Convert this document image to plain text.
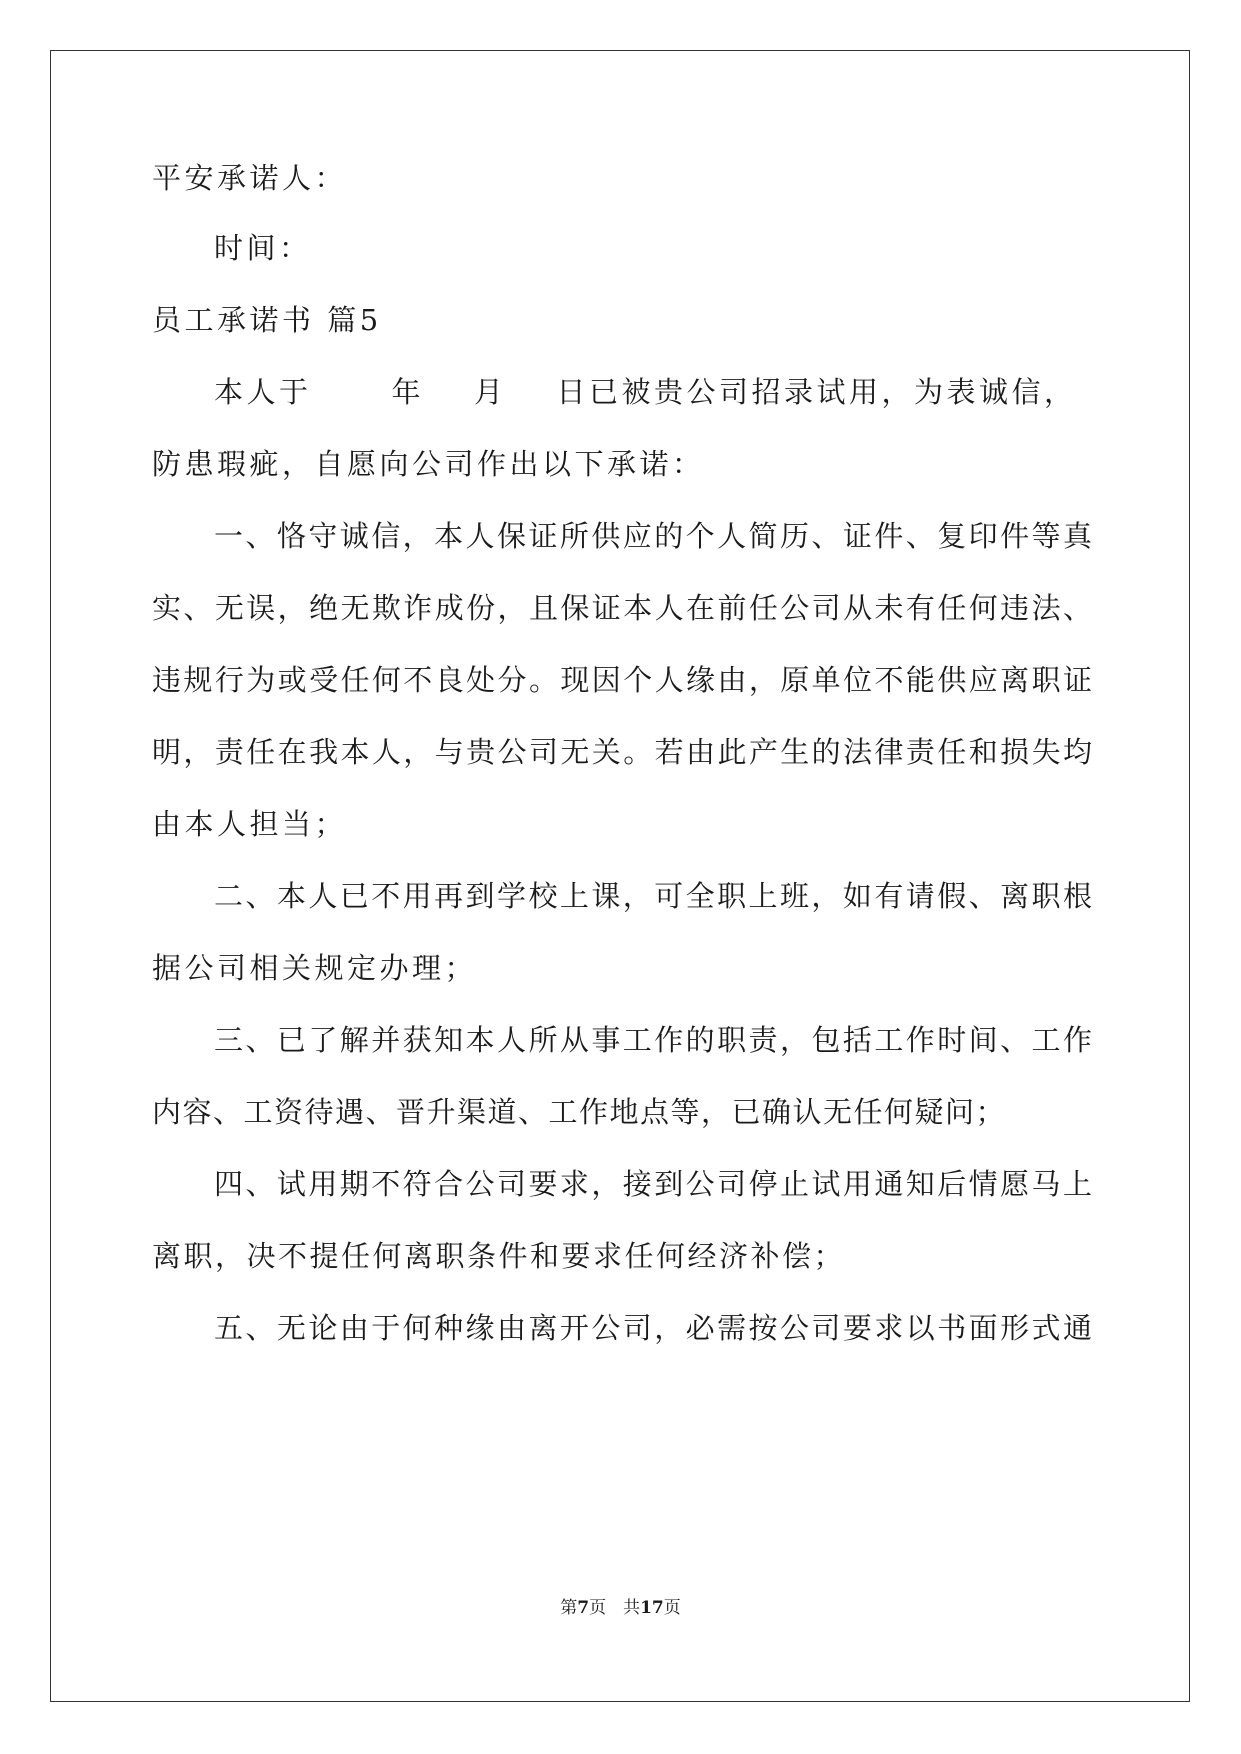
平安承诺人：
时间：
员工承诺书 篇5
本人于	年 月 日已被贵公司招录试用，为表诚信，
防患瑕疵，自愿向公司作出以下承诺：
一、恪守诚信，本人保证所供应的个人简历、证件、复印件等真
实、无误，绝无欺诈成份，且保证本人在前任公司从未有任何违法、
违规行为或受任何不良处分。现因个人缘由，原单位不能供应离职证
明，责任在我本人，与贵公司无关。若由此产生的法律责任和损失均
由本人担当；
二、本人已不用再到学校上课，可全职上班，如有请假、离职根
据公司相关规定办理；
三、已了解并获知本人所从事工作的职责，包括工作时间、工作
内容、工资待遇、晋升渠道、工作地点等，已确认无任何疑问；
四、试用期不符合公司要求，接到公司停止试用通知后情愿马上
离职，决不提任何离职条件和要求任何经济补偿；
五、无论由于何种缘由离开公司，必需按公司要求以书面形式通
第7页　共17页
